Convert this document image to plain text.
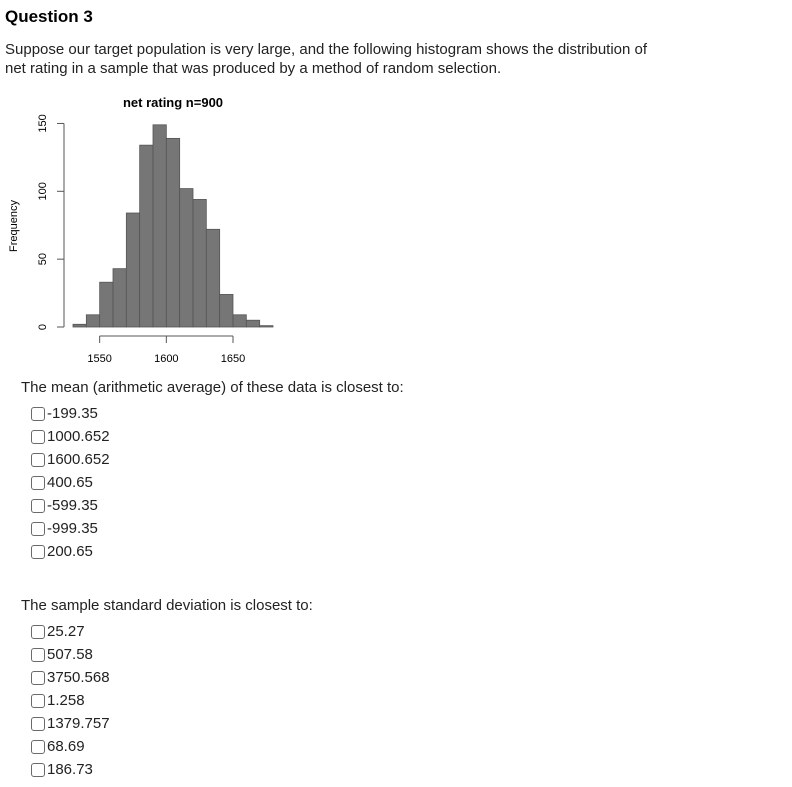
Question 3
Suppose our target population is very large, and the following histogram shows the distribution of
net rating in a sample that was produced by a method of random selection.
net rating n=900
Frequency
0
50
100
150
1550	1600	1650

The mean (arithmetic average) of these data is closest to:

-199.35
1000.652
1600.652
400.65
-599.35
-999.35
200.65

The sample standard deviation is closest to:

25.27
507.58
3750.568
1.258
1379.757
68.69
186.73
